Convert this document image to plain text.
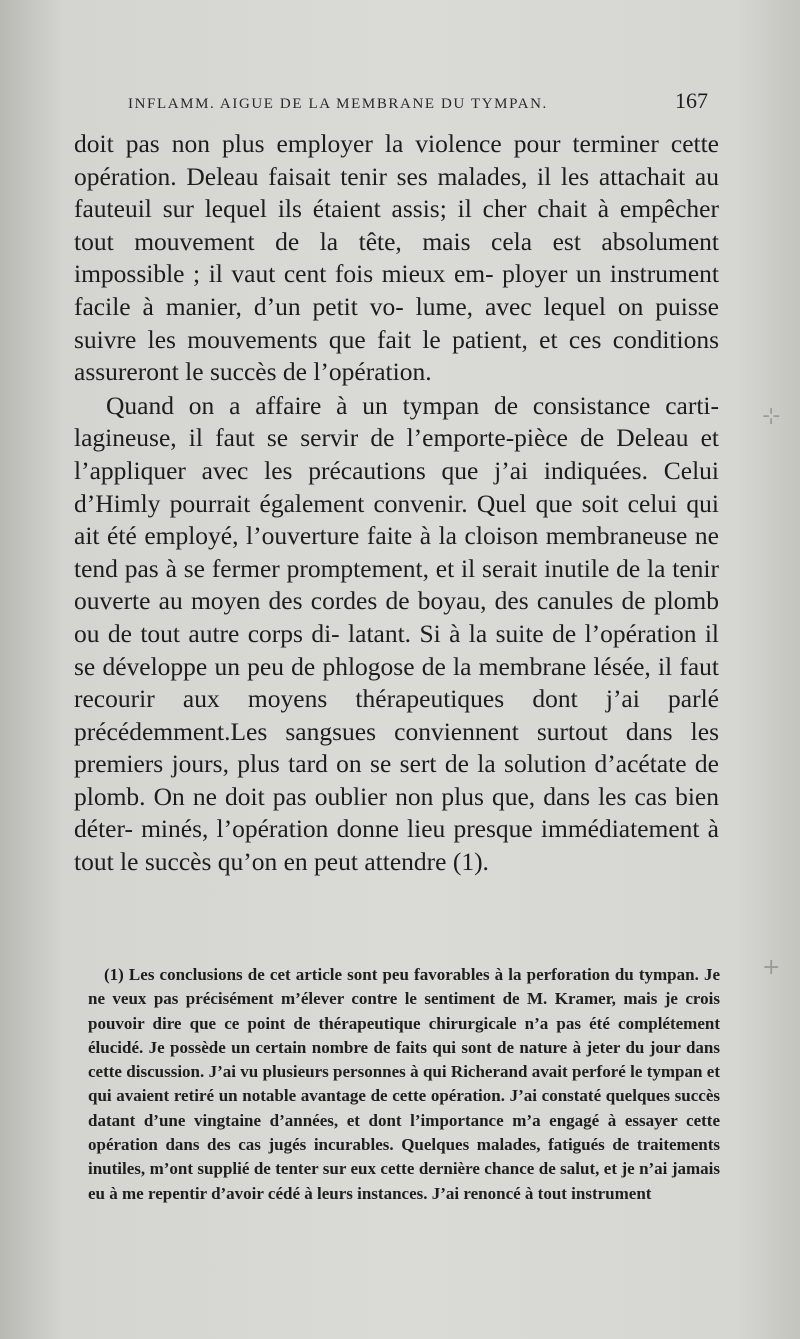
INFLAMM. AIGUE DE LA MEMBRANE DU TYMPAN.	167

doit pas non plus employer la violence pour terminer cette opération. Deleau faisait tenir ses malades, il les attachait au fauteuil sur lequel ils étaient assis; il cher chait à empêcher tout mouvement de la tête, mais cela est absolument impossible ; il vaut cent fois mieux em- ployer un instrument facile à manier, d’un petit vo- lume, avec lequel on puisse suivre les mouvements que fait le patient, et ces conditions assureront le succès de l’opération.

Quand on a affaire à un tympan de consistance carti- lagineuse, il faut se servir de l’emporte-pièce de Deleau et l’appliquer avec les précautions que j’ai indiquées. Celui d’Himly pourrait également convenir. Quel que soit celui qui ait été employé, l’ouverture faite à la cloison membraneuse ne tend pas à se fermer promptement, et il serait inutile de la tenir ouverte au moyen des cordes de boyau, des canules de plomb ou de tout autre corps di- latant. Si à la suite de l’opération il se développe un peu de phlogose de la membrane lésée, il faut recourir aux moyens thérapeutiques dont j’ai parlé précédemment.Les sangsues conviennent surtout dans les premiers jours, plus tard on se sert de la solution d’acétate de plomb. On ne doit pas oublier non plus que, dans les cas bien déter- minés, l’opération donne lieu presque immédiatement à tout le succès qu’on en peut attendre (1).

(1) Les conclusions de cet article sont peu favorables à la perforation du tympan. Je ne veux pas précisément m’élever contre le sentiment de M. Kramer, mais je crois pouvoir dire que ce point de thérapeutique chirurgicale n’a pas été complétement élucidé. Je possède un certain nombre de faits qui sont de nature à jeter du jour dans cette discussion. J’ai vu plusieurs personnes à qui Richerand avait perforé le tympan et qui avaient retiré un notable avantage de cette opération. J’ai constaté quelques succès datant d’une vingtaine d’années, et dont l’importance m’a engagé à essayer cette opération dans des cas jugés incurables. Quelques malades, fatigués de traitements inutiles, m’ont supplié de tenter sur eux cette dernière chance de salut, et je n’ai jamais eu à me repentir d’avoir cédé à leurs instances. J’ai renoncé à tout instrument

⊹
+
